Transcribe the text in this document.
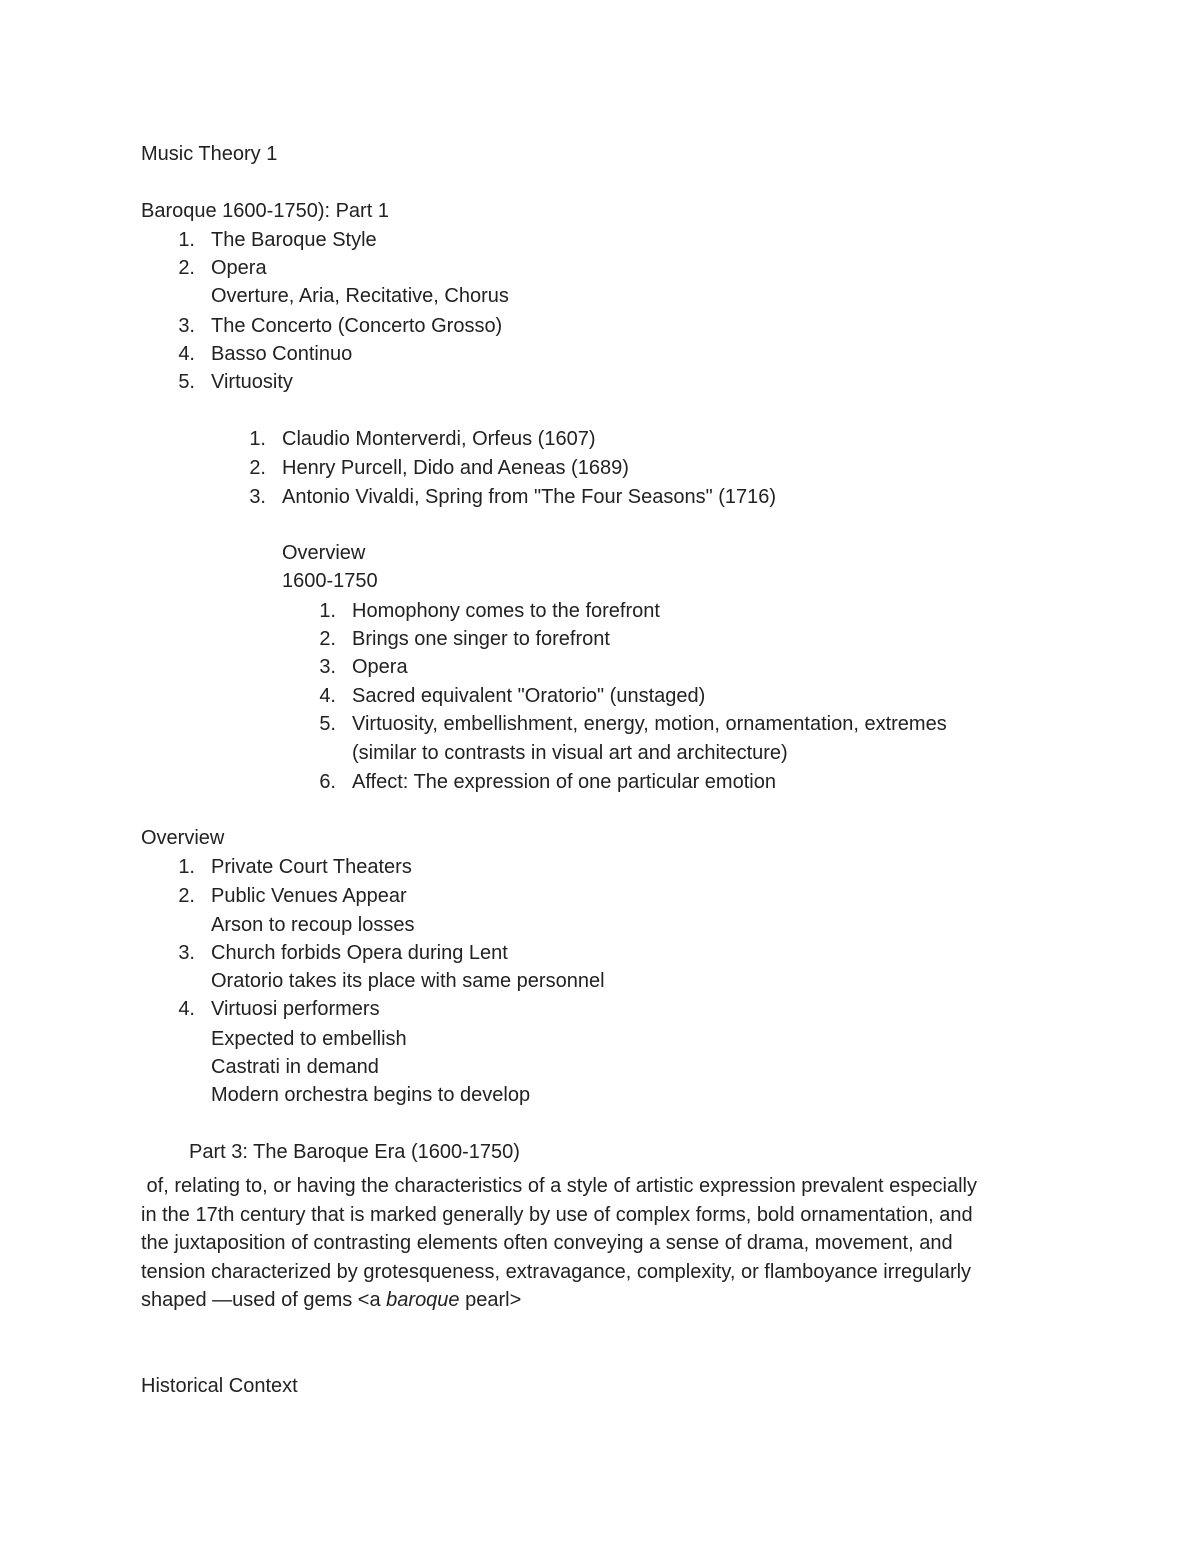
Music Theory 1
Baroque 1600-1750): Part 1
1. The Baroque Style
2. Opera
Overture, Aria, Recitative, Chorus
3. The Concerto (Concerto Grosso)
4. Basso Continuo
5. Virtuosity
1. Claudio Monterverdi, Orfeus (1607)
2. Henry Purcell, Dido and Aeneas (1689)
3. Antonio Vivaldi, Spring from "The Four Seasons" (1716)
Overview
1600-1750
1. Homophony comes to the forefront
2. Brings one singer to forefront
3. Opera
4. Sacred equivalent "Oratorio" (unstaged)
5. Virtuosity, embellishment, energy, motion, ornamentation, extremes
(similar to contrasts in visual art and architecture)
6. Affect: The expression of one particular emotion
Overview
1. Private Court Theaters
2. Public Venues Appear
Arson to recoup losses
3. Church forbids Opera during Lent
Oratorio takes its place with same personnel
4. Virtuosi performers
Expected to embellish
Castrati in demand
Modern orchestra begins to develop
Part 3: The Baroque Era (1600-1750)
of, relating to, or having the characteristics of a style of artistic expression prevalent especially
in the 17th century that is marked generally by use of complex forms, bold ornamentation, and
the juxtaposition of contrasting elements often conveying a sense of drama, movement, and
tension characterized by grotesqueness, extravagance, complexity, or flamboyance irregularly
shaped —used of gems <a baroque pearl>
Historical Context
